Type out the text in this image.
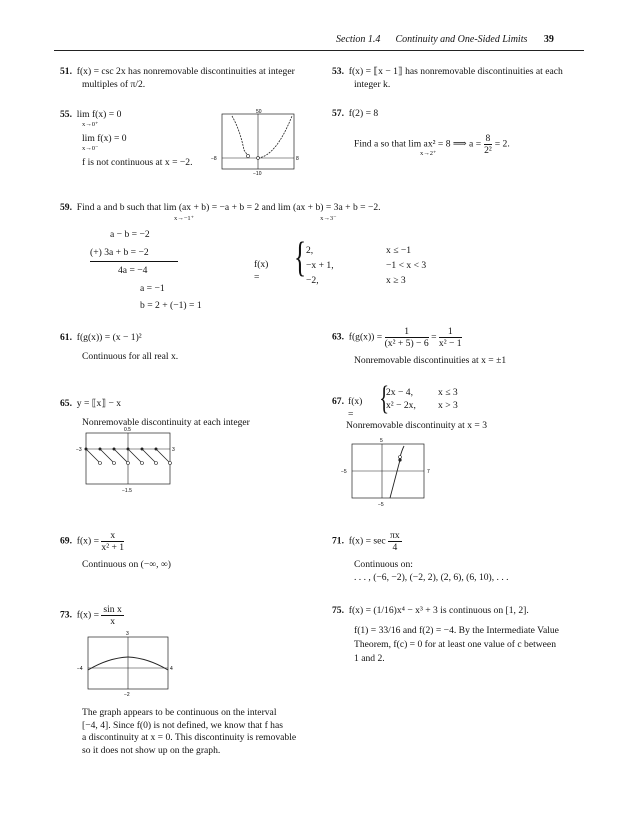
Section 1.4 Continuity and One-Sided Limits 39

51. f(x) = csc 2x has nonremovable discontinuities at integer

multiples of π/2.

53. f(x) = ⟦x − 1⟧ has nonremovable discontinuities at each

integer k.

55. lim f(x) = 0

x→0⁺

lim f(x) = 0

x→0⁻

f is not continuous at x = −2.

50
−10
−8	8

57. f(2) = 8

Find a so that lim ax² = 8 ⟹ $a = \frac{8}{\text{2²}} = 2$.

x→2⁺

59. Find a and b such that lim (ax + b) = −a + b = 2 and lim (ax + b) = 3a + b = −2.

x→−1⁺	x→3⁻

a − b = −2

(+) 3a + b = −2

4a = −4

a = −1

b = 2 + (−1) = 1

f(x) = { 2,	x ≤ −1

−x + 1,	−1 < x < 3

−2,	x ≥ 3

61. f(g(x)) = (x − 1)²

Continuous for all real x.

63. $f(g(x)) = \frac{1}{\text{(x² + 5) − 6}} = \frac{1}{\text{x² − 1}}$

Nonremovable discontinuities at x = ±1

65. y = ⟦x⟧ − x

Nonremovable discontinuity at each integer

0.5
−1.5
−3	3
67. f(x) = {

2x − 4,	x ≤ 3

x² − 2x, x > 3

Nonremovable discontinuity at x = 3

5
−5
−5	7

69. $f(x) = \frac{x}{\text{x² + 1}}$

Continuous on (−∞, ∞)

71. $f(x) = \sec \frac{\pi x}{4}$

Continuous on:

. . . , (−6, −2), (−2, 2), (2, 6), (6, 10), . . .

73. $f(x) = \frac{\text{sin x}}{x}$

3
−2
−4	4

The graph appears to be continuous on the interval

[−4, 4]. Since f(0) is not defined, we know that f has

a discontinuity at x = 0. This discontinuity is removable

so it does not show up on the graph.

75. f(x) = (1/16)x⁴ − x³ + 3 is continuous on [1, 2].

f(1) = 33/16 and f(2) = −4. By the Intermediate Value

Theorem, f(c) = 0 for at least one value of c between

1 and 2.
